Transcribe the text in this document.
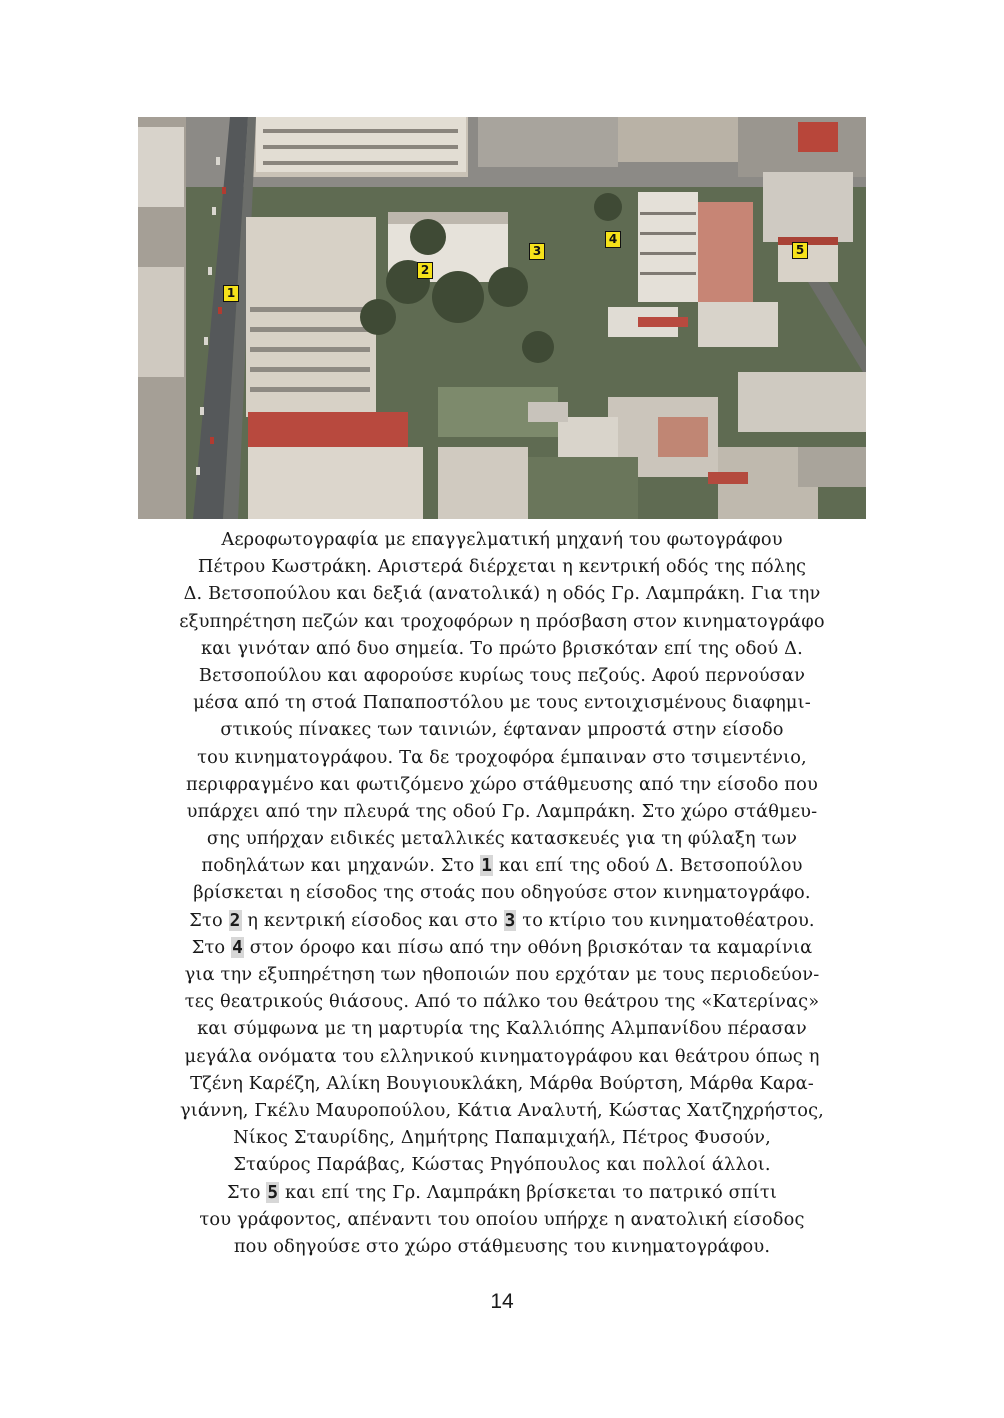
1
2
3
4
5
Αεροφωτογραφία με επαγγελματική μηχανή του φωτογράφου
Πέτρου Κωστράκη. Αριστερά διέρχεται η κεντρική οδός της πόλης
Δ. Βετσοπούλου και δεξιά (ανατολικά) η οδός Γρ. Λαμπράκη. Για την
εξυπηρέτηση πεζών και τροχοφόρων η πρόσβαση στον κινηματογράφο
και γινόταν από δυο σημεία. Το πρώτο βρισκόταν επί της οδού Δ.
Βετσοπούλου και αφορούσε κυρίως τους πεζούς. Αφού περνούσαν
μέσα από τη στοά Παπαποστόλου με τους εντοιχισμένους διαφημι-
στικούς πίνακες των ταινιών, έφταναν μπροστά στην είσοδο
του κινηματογράφου. Τα δε τροχοφόρα έμπαιναν στο τσιμεντένιο,
περιφραγμένο και φωτιζόμενο χώρο στάθμευσης από την είσοδο που
υπάρχει από την πλευρά της οδού Γρ. Λαμπράκη. Στο χώρο στάθμευ-
σης υπήρχαν ειδικές μεταλλικές κατασκευές για τη φύλαξη των
ποδηλάτων και μηχανών. Στο 1 και επί της οδού Δ. Βετσοπούλου
βρίσκεται η είσοδος της στοάς που οδηγούσε στον κινηματογράφο.
Στο 2 η κεντρική είσοδος και στο 3 το κτίριο του κινηματοθέατρου.
Στο 4 στον όροφο και πίσω από την οθόνη βρισκόταν τα καμαρίνια
για την εξυπηρέτηση των ηθοποιών που ερχόταν με τους περιοδεύον-
τες θεατρικούς θιάσους. Από το πάλκο του θεάτρου της «Κατερίνας»
και σύμφωνα με τη μαρτυρία της Καλλιόπης Αλμπανίδου πέρασαν
μεγάλα ονόματα του ελληνικού κινηματογράφου και θεάτρου όπως η
Τζένη Καρέζη, Αλίκη Βουγιουκλάκη, Μάρθα Βούρτση, Μάρθα Καρα-
γιάννη, Γκέλυ Μαυροπούλου, Κάτια Αναλυτή, Κώστας Χατζηχρήστος,
Νίκος Σταυρίδης, Δημήτρης Παπαμιχαήλ, Πέτρος Φυσούν,
Σταύρος Παράβας, Κώστας Ρηγόπουλος και πολλοί άλλοι.
Στο 5 και επί της Γρ. Λαμπράκη βρίσκεται το πατρικό σπίτι
του γράφοντος, απέναντι του οποίου υπήρχε η ανατολική είσοδος
που οδηγούσε στο χώρο στάθμευσης του κινηματογράφου.
14
